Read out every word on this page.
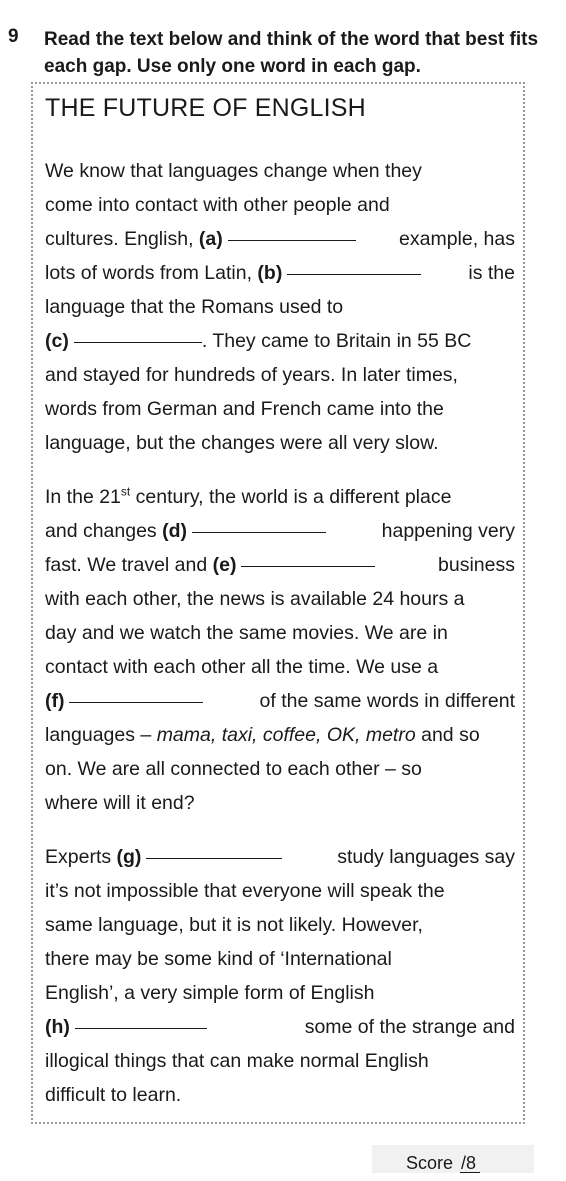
9 Read the text below and think of the word that best fits each gap. Use only one word in each gap.
THE FUTURE OF ENGLISH
We know that languages change when they
come into contact with other people and
cultures. English, (a)	example, has
lots of words from Latin, (b)	is the
language that the Romans used to
(c)	. They came to Britain in 55 BC
and stayed for hundreds of years. In later times,
words from German and French came into the
language, but the changes were all very slow.
In the 21st century, the world is a different place
and changes (d)	happening very
fast. We travel and (e)	business
with each other, the news is available 24 hours a
day and we watch the same movies. We are in
contact with each other all the time. We use a
(f)	of the same words in different
languages – mama, taxi, coffee, OK, metro and so
on. We are all connected to each other – so
where will it end?
Experts (g)	study languages say
it’s not impossible that everyone will speak the
same language, but it is not likely. However,
there may be some kind of ‘International
English’, a very simple form of English
(h)	some of the strange and
illogical things that can make normal English
difficult to learn.
Score /8
